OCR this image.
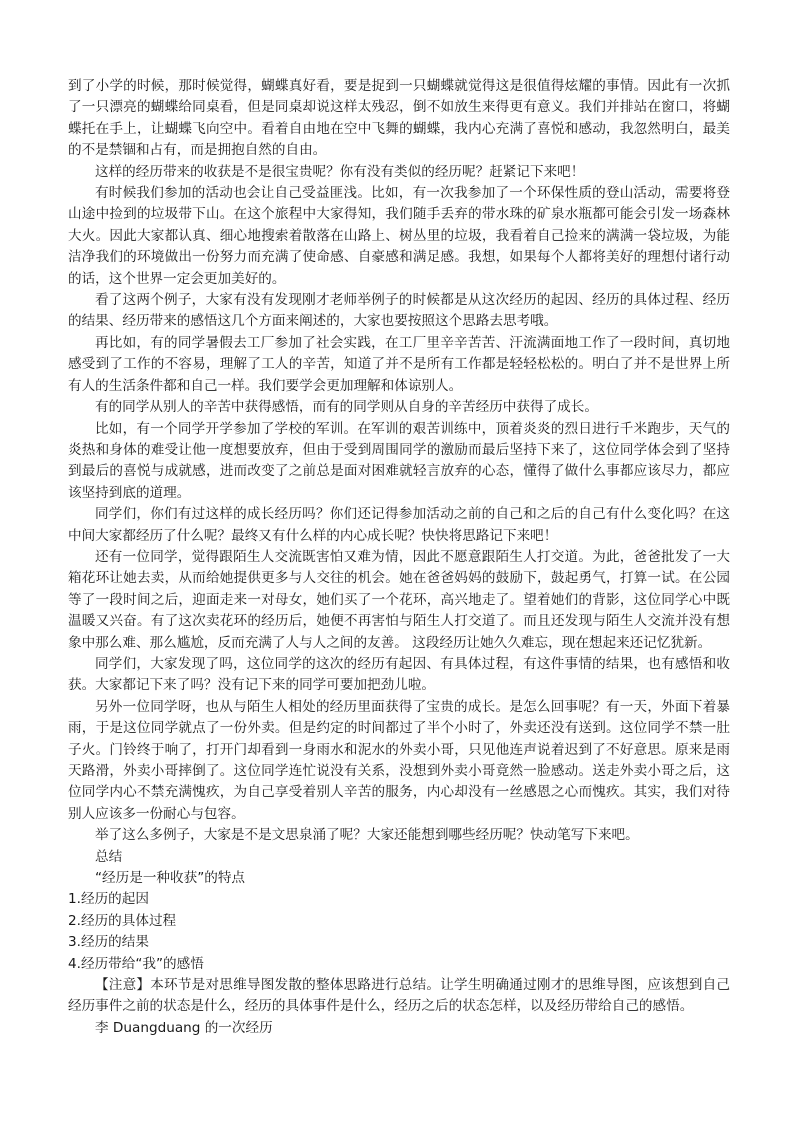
到了小学的时候，那时候觉得，蝴蝶真好看，要是捉到一只蝴蝶就觉得这是很值得炫耀的事情。因此有一次抓了一只漂亮的蝴蝶给同桌看，但是同桌却说这样太残忍，倒不如放生来得更有意义。我们并排站在窗口，将蝴蝶托在手上，让蝴蝶飞向空中。看着自由地在空中飞舞的蝴蝶，我内心充满了喜悦和感动，我忽然明白，最美的不是禁锢和占有，而是拥抱自然的自由。

这样的经历带来的收获是不是很宝贵呢？你有没有类似的经历呢？赶紧记下来吧！

有时候我们参加的活动也会让自己受益匪浅。比如，有一次我参加了一个环保性质的登山活动，需要将登山途中捡到的垃圾带下山。在这个旅程中大家得知，我们随手丢弃的带水珠的矿泉水瓶都可能会引发一场森林大火。因此大家都认真、细心地搜索着散落在山路上、树丛里的垃圾，我看着自己捡来的满满一袋垃圾，为能洁净我们的环境做出一份努力而充满了使命感、自豪感和满足感。我想，如果每个人都将美好的理想付诸行动的话，这个世界一定会更加美好的。

看了这两个例子，大家有没有发现刚才老师举例子的时候都是从这次经历的起因、经历的具体过程、经历的结果、经历带来的感悟这几个方面来阐述的，大家也要按照这个思路去思考哦。

再比如，有的同学暑假去工厂参加了社会实践，在工厂里辛辛苦苦、汗流满面地工作了一段时间，真切地感受到了工作的不容易，理解了工人的辛苦，知道了并不是所有工作都是轻轻松松的。明白了并不是世界上所有人的生活条件都和自己一样。我们要学会更加理解和体谅别人。

有的同学从别人的辛苦中获得感悟，而有的同学则从自身的辛苦经历中获得了成长。

比如，有一个同学开学参加了学校的军训。在军训的艰苦训练中，顶着炎炎的烈日进行千米跑步，天气的炎热和身体的难受让他一度想要放弃，但由于受到周围同学的激励而最后坚持下来了，这位同学体会到了坚持到最后的喜悦与成就感，进而改变了之前总是面对困难就轻言放弃的心态，懂得了做什么事都应该尽力，都应该坚持到底的道理。

同学们，你们有过这样的成长经历吗？你们还记得参加活动之前的自己和之后的自己有什么变化吗？在这中间大家都经历了什么呢？最终又有什么样的内心成长呢？快快将思路记下来吧！

还有一位同学，觉得跟陌生人交流既害怕又难为情，因此不愿意跟陌生人打交道。为此，爸爸批发了一大箱花环让她去卖，从而给她提供更多与人交往的机会。她在爸爸妈妈的鼓励下，鼓起勇气，打算一试。在公园等了一段时间之后，迎面走来一对母女，她们买了一个花环，高兴地走了。望着她们的背影，这位同学心中既温暖又兴奋。有了这次卖花环的经历后，她便不再害怕与陌生人打交道了。而且还发现与陌生人交流并没有想象中那么难、那么尴尬，反而充满了人与人之间的友善。 这段经历让她久久难忘，现在想起来还记忆犹新。

同学们，大家发现了吗，这位同学的这次的经历有起因、有具体过程，有这件事情的结果，也有感悟和收获。大家都记下来了吗？没有记下来的同学可要加把劲儿啦。

另外一位同学呀，也从与陌生人相处的经历里面获得了宝贵的成长。是怎么回事呢？有一天，外面下着暴雨，于是这位同学就点了一份外卖。但是约定的时间都过了半个小时了，外卖还没有送到。这位同学不禁一肚子火。门铃终于响了，打开门却看到一身雨水和泥水的外卖小哥，只见他连声说着迟到了不好意思。原来是雨天路滑，外卖小哥摔倒了。这位同学连忙说没有关系，没想到外卖小哥竟然一脸感动。送走外卖小哥之后，这位同学内心不禁充满愧疚，为自己享受着别人辛苦的服务，内心却没有一丝感恩之心而愧疚。其实，我们对待别人应该多一份耐心与包容。

举了这么多例子，大家是不是文思泉涌了呢？大家还能想到哪些经历呢？快动笔写下来吧。

总结

“经历是一种收获”的特点

1.经历的起因

2.经历的具体过程

3.经历的结果

4.经历带给“我”的感悟

【注意】本环节是对思维导图发散的整体思路进行总结。让学生明确通过刚才的思维导图，应该想到自己经历事件之前的状态是什么，经历的具体事件是什么，经历之后的状态怎样，以及经历带给自己的感悟。

李 Duangduang 的一次经历
